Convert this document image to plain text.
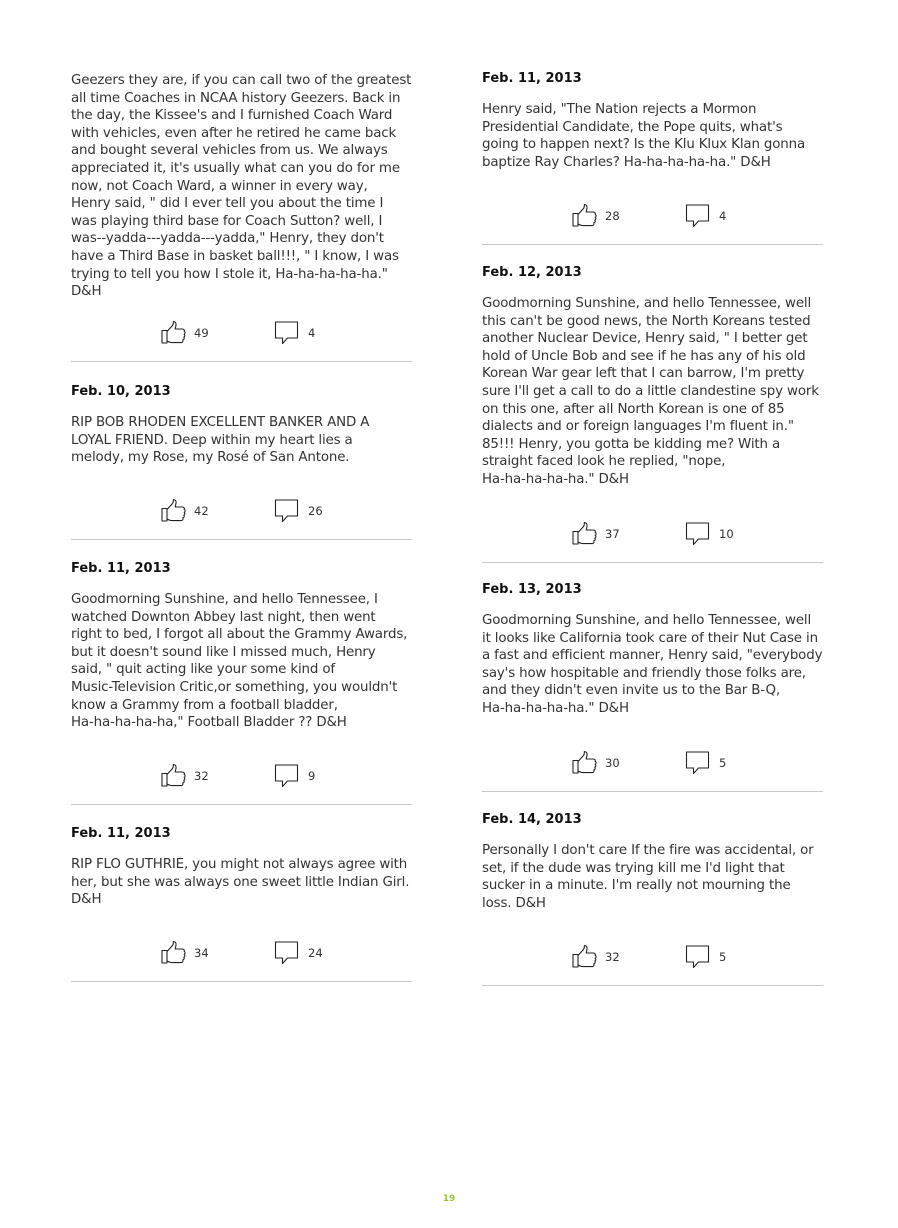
Geezers they are, if you can call two of the greatest
all time Coaches in NCAA history Geezers. Back in
the day, the Kissee's and I furnished Coach Ward
with vehicles, even after he retired he came back
and bought several vehicles from us. We always
appreciated it, it's usually what can you do for me
now, not Coach Ward, a winner in every way,
Henry said, " did I ever tell you about the time I
was playing third base for Coach Sutton? well, I
was--yadda---yadda---yadda," Henry, they don't
have a Third Base in basket ball!!!, " I know, I was
trying to tell you how I stole it, Ha-ha-ha-ha-ha."
D&H

49	4

Feb. 10, 2013

RIP BOB RHODEN EXCELLENT BANKER AND A
LOYAL FRIEND. Deep within my heart lies a
melody, my Rose, my Rosé of San Antone.

42	26

Feb. 11, 2013

Goodmorning Sunshine, and hello Tennessee, I
watched Downton Abbey last night, then went
right to bed, I forgot all about the Grammy Awards,
but it doesn't sound like I missed much, Henry
said, " quit acting like your some kind of
Music-Television Critic,or something, you wouldn't
know a Grammy from a football bladder,
Ha-ha-ha-ha-ha," Football Bladder ?? D&H

32	9

Feb. 11, 2013

RIP FLO GUTHRIE, you might not always agree with
her, but she was always one sweet little Indian Girl.
D&H

34	24

Feb. 11, 2013

Henry said, "The Nation rejects a Mormon
Presidential Candidate, the Pope quits, what's
going to happen next? Is the Klu Klux Klan gonna
baptize Ray Charles? Ha-ha-ha-ha-ha." D&H

28	4

Feb. 12, 2013

Goodmorning Sunshine, and hello Tennessee, well
this can't be good news, the North Koreans tested
another Nuclear Device, Henry said, " I better get
hold of Uncle Bob and see if he has any of his old
Korean War gear left that I can barrow, I'm pretty
sure I'll get a call to do a little clandestine spy work
on this one, after all North Korean is one of 85
dialects and or foreign languages I'm fluent in."
85!!! Henry, you gotta be kidding me? With a
straight faced look he replied, "nope,
Ha-ha-ha-ha-ha." D&H

37	10

Feb. 13, 2013

Goodmorning Sunshine, and hello Tennessee, well
it looks like California took care of their Nut Case in
a fast and efficient manner, Henry said, "everybody
say's how hospitable and friendly those folks are,
and they didn't even invite us to the Bar B-Q,
Ha-ha-ha-ha-ha." D&H

30	5

Feb. 14, 2013

Personally I don't care If the fire was accidental, or
set, if the dude was trying kill me I'd light that
sucker in a minute. I'm really not mourning the
loss. D&H

32	5
19
